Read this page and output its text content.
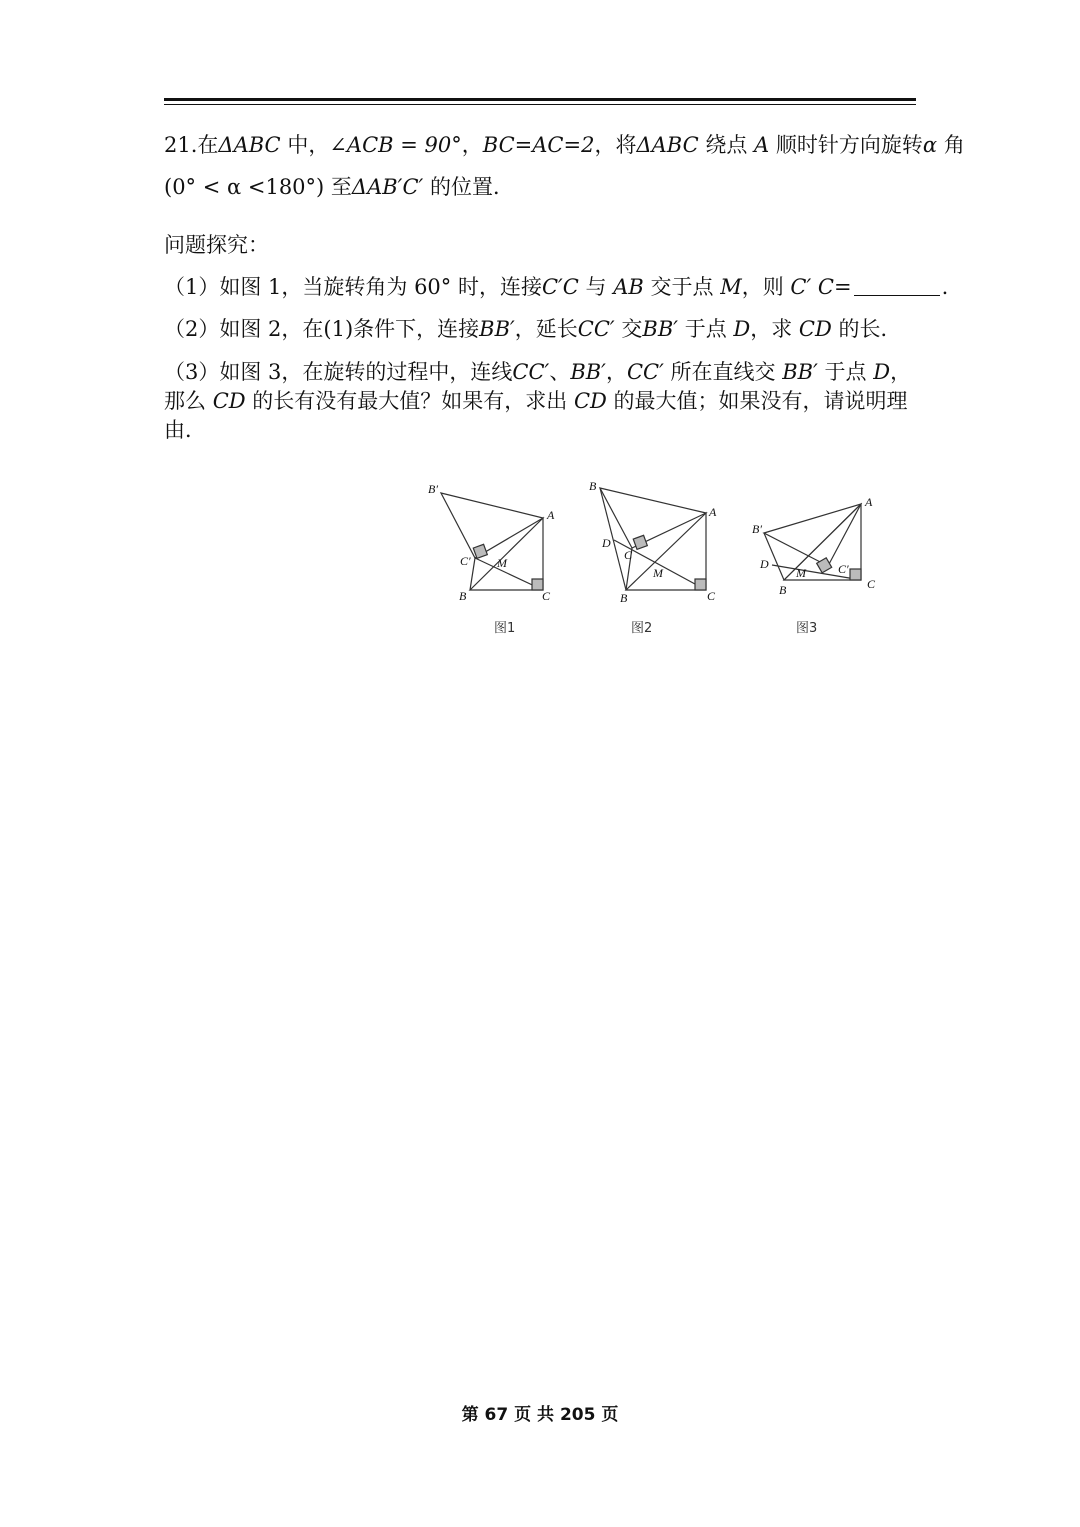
21.在ΔABC 中，∠ACB = 90°，BC=AC=2，将ΔABC 绕点 A 顺时针方向旋转α 角
(0° < α <180°) 至ΔAB′C′ 的位置．
问题探究：
（1）如图 1，当旋转角为 60° 时，连接C′C 与 AB 交于点 M，则 C′ C=	.
（2）如图 2，在(1)条件下，连接BB′，延长CC′ 交BB′ 于点 D，求 CD 的长．
（3）如图 3，在旋转的过程中，连线CC′、BB′，CC′ 所在直线交 BB′ 于点 D，
那么 CD 的长有没有最大值？如果有，求出 CD 的最大值；如果没有，请说明理
由．
B′
A
C′ M
B	C
图1
B
A
D
C
M
B	C
图2
B′
A
D
M	C′
B	C
图3
第 67 页 共 205 页
